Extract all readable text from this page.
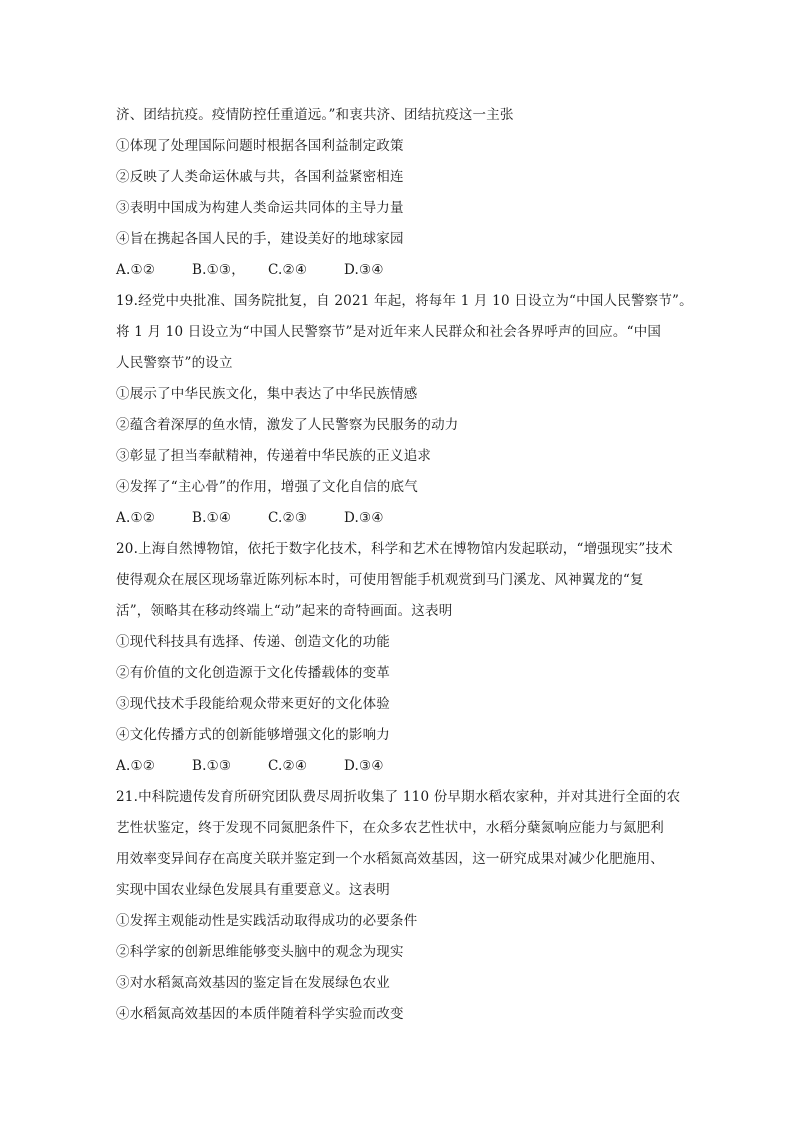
济、团结抗疫。疫情防控任重道远。”和衷共济、团结抗疫这一主张
①体现了处理国际问题时根据各国利益制定政策
②反映了人类命运休戚与共，各国利益紧密相连
③表明中国成为构建人类命运共同体的主导力量
④旨在携起各国人民的手，建设美好的地球家园
A.①②	B.①③，	C.②④	D.③④
19.经党中央批准、国务院批复，自 2021 年起，将每年 1 月 10 日设立为“中国人民警察节”。
将 1 月 10 日设立为“中国人民警察节”是对近年来人民群众和社会各界呼声的回应。“中国
人民警察节”的设立
①展示了中华民族文化，集中表达了中华民族情感
②蕴含着深厚的鱼水情，激发了人民警察为民服务的动力
③彰显了担当奉献精神，传递着中华民族的正义追求
④发挥了“主心骨”的作用，增强了文化自信的底气
A.①②	B.①④	C.②③	D.③④
20.上海自然博物馆，依托于数字化技术，科学和艺术在博物馆内发起联动，“增强现实”技术
使得观众在展区现场靠近陈列标本时，可使用智能手机观赏到马门溪龙、风神翼龙的“复
活”，领略其在移动终端上“动”起来的奇特画面。这表明
①现代科技具有选择、传递、创造文化的功能
②有价值的文化创造源于文化传播载体的变革
③现代技术手段能给观众带来更好的文化体验
④文化传播方式的创新能够增强文化的影响力
A.①②	B.①③	C.②④	D.③④
21.中科院遗传发育所研究团队费尽周折收集了 110 份早期水稻农家种，并对其进行全面的农
艺性状鉴定，终于发现不同氮肥条件下，在众多农艺性状中，水稻分蘖氮响应能力与氮肥利
用效率变异间存在高度关联并鉴定到一个水稻氮高效基因，这一研究成果对减少化肥施用、
实现中国农业绿色发展具有重要意义。这表明
①发挥主观能动性是实践活动取得成功的必要条件
②科学家的创新思维能够变头脑中的观念为现实
③对水稻氮高效基因的鉴定旨在发展绿色农业
④水稻氮高效基因的本质伴随着科学实验而改变
